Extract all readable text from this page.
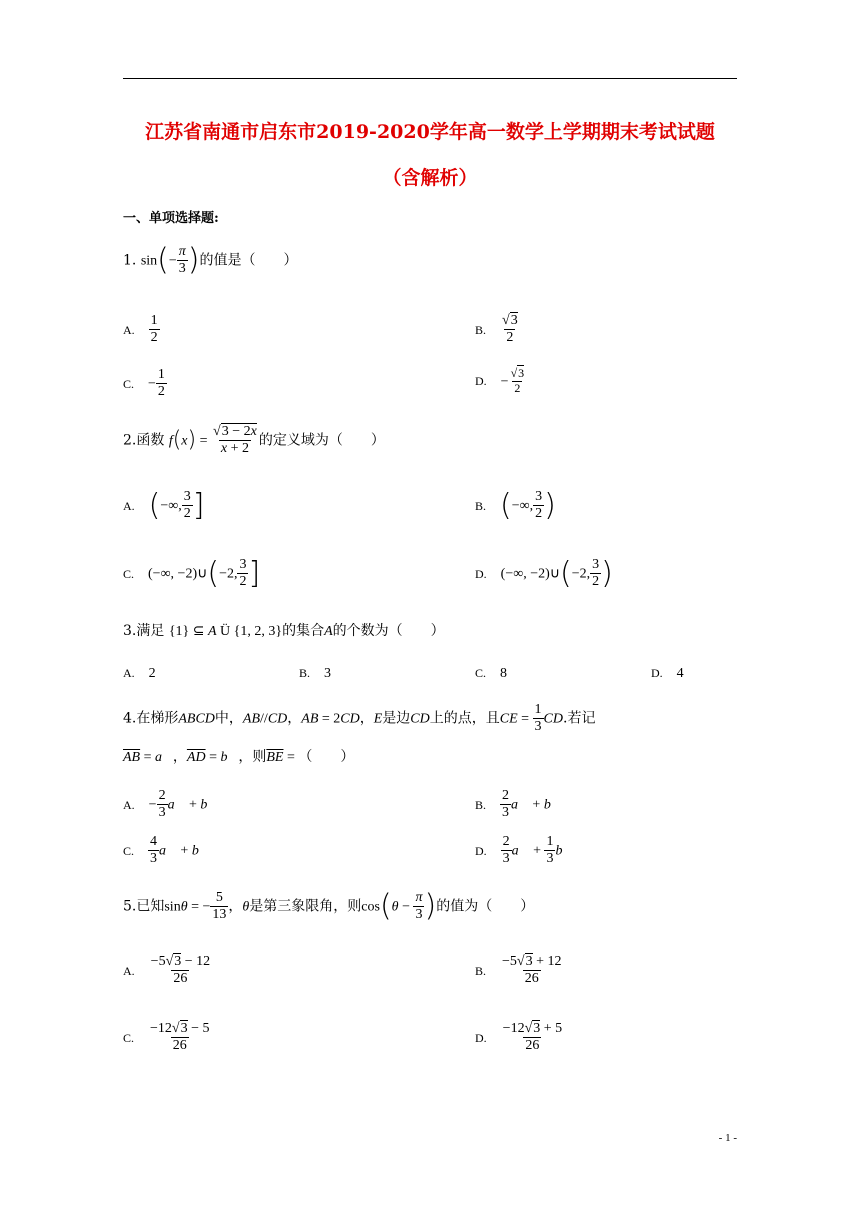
江苏省南通市启东市2019-2020学年高一数学上学期期末考试试题
（含解析）
一、单项选择题:
1. $\sin(- \frac{\pi}{3}$ )的值是（　　）
A. $\frac{1}{2}$	B. $\frac{√3}{2}$
C. − $\frac{1}{2}$	D. − $\frac{√3}{2}$
2.函数 $f(x) = \frac{√3 - 2x}{x + 2}$ 的定义域为（　　）
A. (−∞, $\frac{3}{2}$ ]	B. (−∞, $\frac{3}{2}$ )
C. (−∞, −2)∪(−2, $\frac{3}{2}$ ]	D. (−∞, −2)∪(−2, $\frac{3}{2}$ )
3.满足 {1} ⊆ A Ü {1, 2, 3}的集合A的个数为（　　）
A. 2	B. 3	C. 8	D. 4
4.在梯形ABCD中，AB//CD，AB = 2CD，E是边CD上的点，且CE = $\frac{1}{3}$ CD.若记
$\overline{AB}$ = a⃗，$\overline{AD}$ = b⃗，则$\overline{BE}$ = （　　）
A. − $\frac{2}{3}$ a⃗ + b⃗	B. $\frac{2}{3}$ a⃗ + b⃗
C. $\frac{4}{3}$ a⃗ + b⃗	D. $\frac{2}{3}$ a⃗ + $\frac{1}{3}$ b⃗
5.已知sinθ = − $\frac{5}{13}$ ，θ是第三象限角，则$\cos(\theta - \frac{\pi}{3}$ )的值为（　　）
A. $\frac{-5√3 - 12}{26}$	B. $\frac{-5√3 + 12}{26}$
C. $\frac{-12√3 - 5}{26}$	D. $\frac{-12√3 + 5}{26}$
- 1 -
